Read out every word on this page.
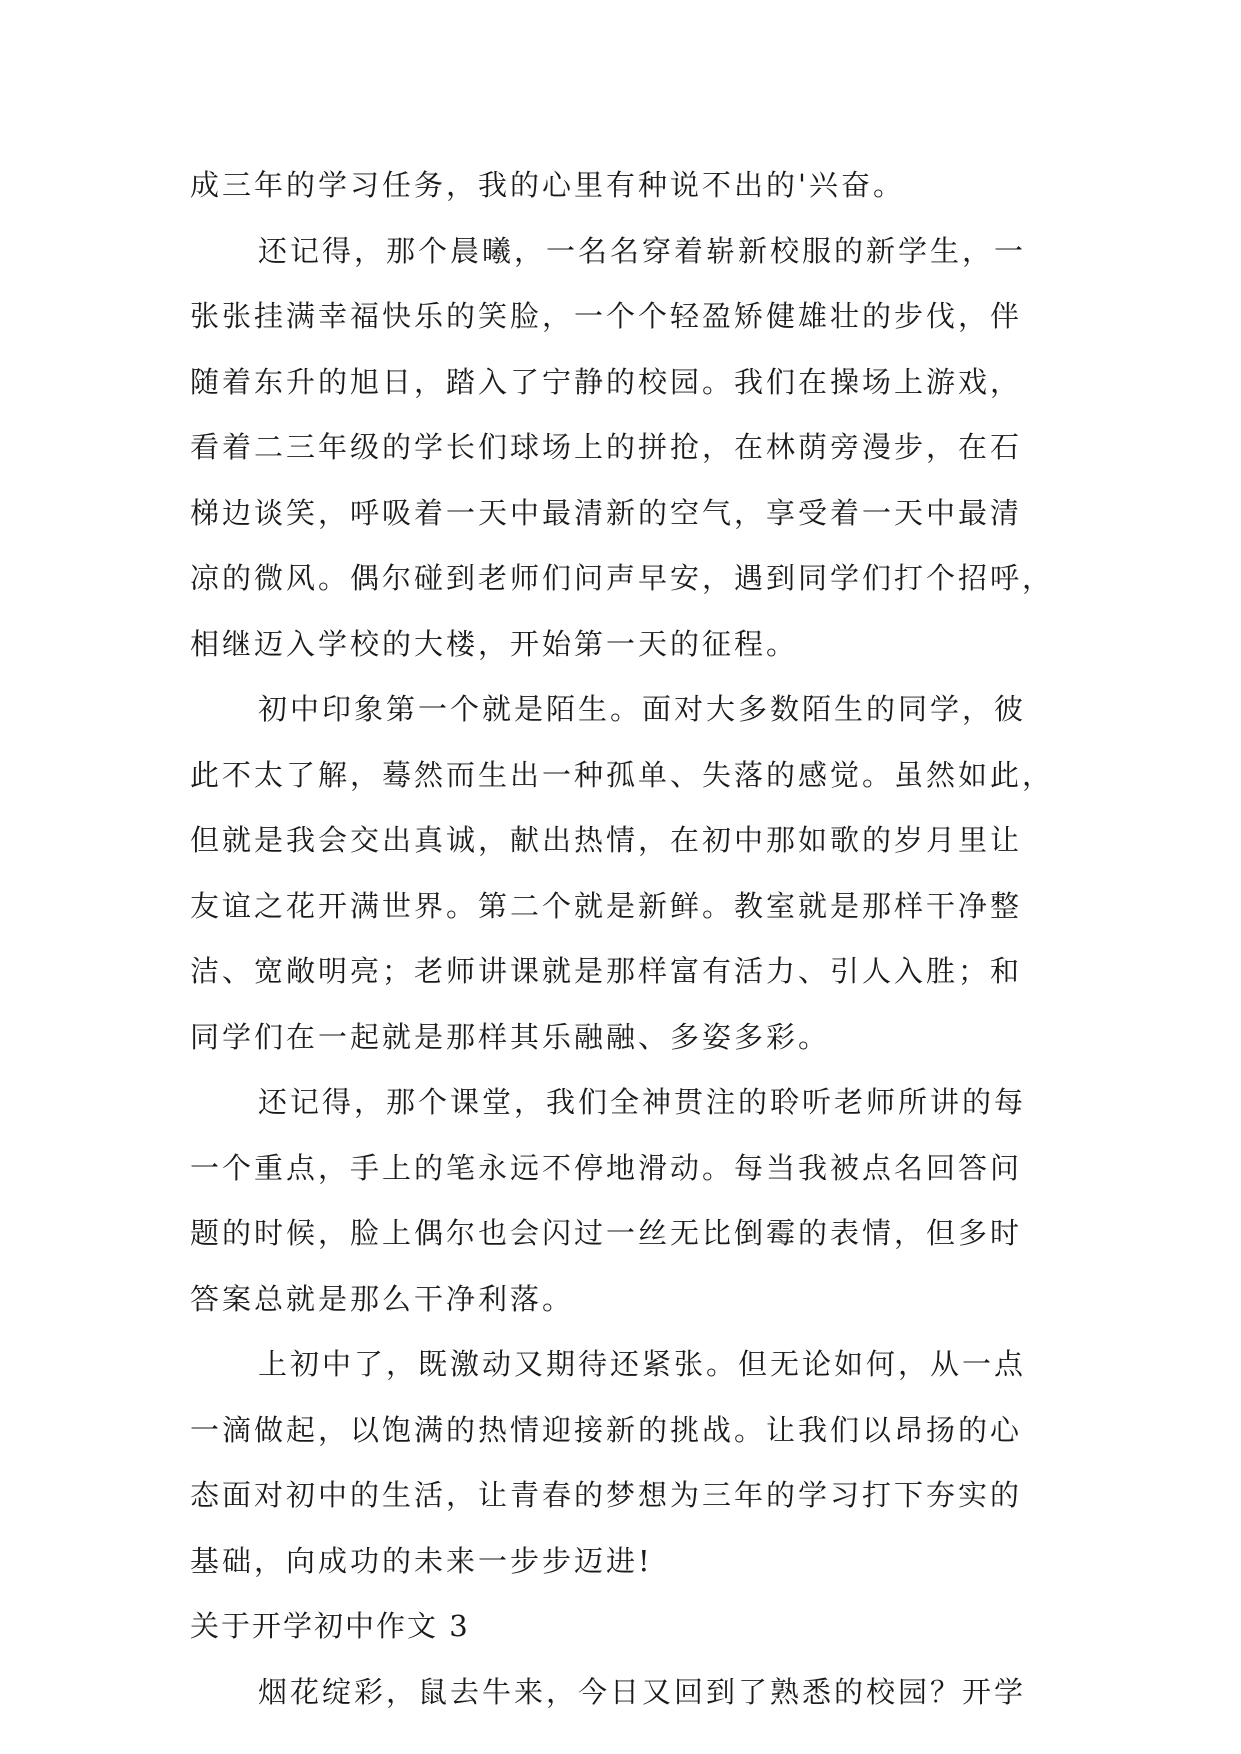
成三年的学习任务，我的心里有种说不出的'兴奋。
还记得，那个晨曦，一名名穿着崭新校服的新学生，一
张张挂满幸福快乐的笑脸，一个个轻盈矫健雄壮的步伐，伴
随着东升的旭日，踏入了宁静的校园。我们在操场上游戏，
看着二三年级的学长们球场上的拼抢，在林荫旁漫步，在石
梯边谈笑，呼吸着一天中最清新的空气，享受着一天中最清
凉的微风。偶尔碰到老师们问声早安，遇到同学们打个招呼，
相继迈入学校的大楼，开始第一天的征程。
初中印象第一个就是陌生。面对大多数陌生的同学，彼
此不太了解，蓦然而生出一种孤单、失落的感觉。虽然如此，
但就是我会交出真诚，献出热情，在初中那如歌的岁月里让
友谊之花开满世界。第二个就是新鲜。教室就是那样干净整
洁、宽敞明亮；老师讲课就是那样富有活力、引人入胜；和
同学们在一起就是那样其乐融融、多姿多彩。
还记得，那个课堂，我们全神贯注的聆听老师所讲的每
一个重点，手上的笔永远不停地滑动。每当我被点名回答问
题的时候，脸上偶尔也会闪过一丝无比倒霉的表情，但多时
答案总就是那么干净利落。
上初中了，既激动又期待还紧张。但无论如何，从一点
一滴做起，以饱满的热情迎接新的挑战。让我们以昂扬的心
态面对初中的生活，让青春的梦想为三年的学习打下夯实的
基础，向成功的未来一步步迈进!
关于开学初中作文 3
烟花绽彩，鼠去牛来，今日又回到了熟悉的校园？开学
